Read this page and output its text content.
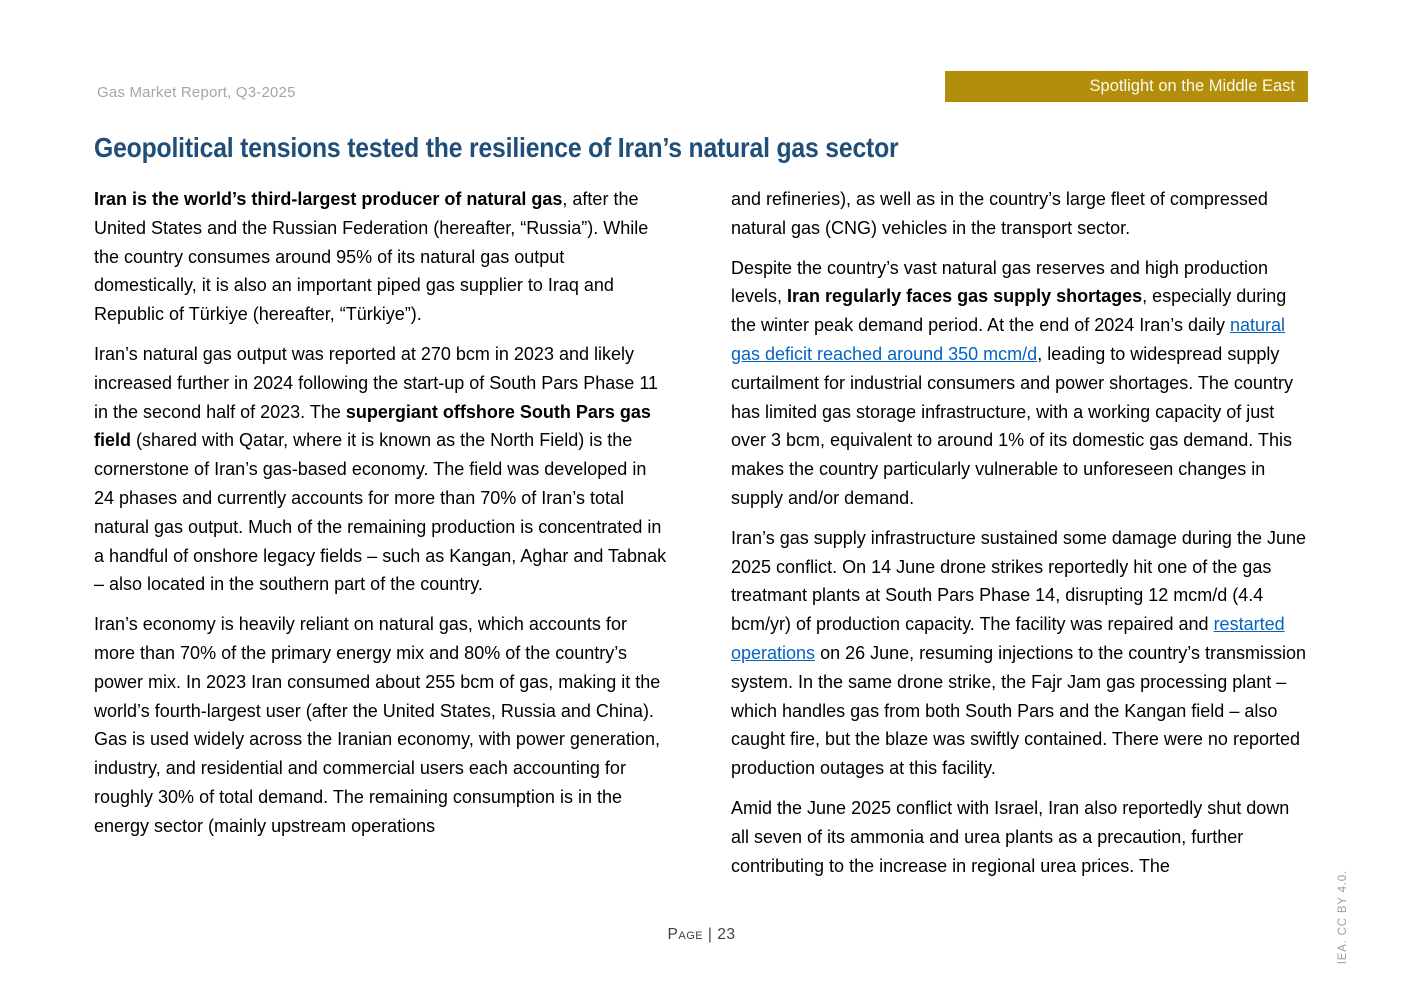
Gas Market Report, Q3-2025	Spotlight on the Middle East
Geopolitical tensions tested the resilience of Iran’s natural gas sector

Iran is the world’s third-largest producer of natural gas, after the United States and the Russian Federation (hereafter, “Russia”). While the country consumes around 95% of its natural gas output domestically, it is also an important piped gas supplier to Iraq and Republic of Türkiye (hereafter, “Türkiye”).

Iran’s natural gas output was reported at 270 bcm in 2023 and likely increased further in 2024 following the start-up of South Pars Phase 11 in the second half of 2023. The supergiant offshore South Pars gas field (shared with Qatar, where it is known as the North Field) is the cornerstone of Iran’s gas-based economy. The field was developed in 24 phases and currently accounts for more than 70% of Iran’s total natural gas output. Much of the remaining production is concentrated in a handful of onshore legacy fields – such as Kangan, Aghar and Tabnak – also located in the southern part of the country.

Iran’s economy is heavily reliant on natural gas, which accounts for more than 70% of the primary energy mix and 80% of the country’s power mix. In 2023 Iran consumed about 255 bcm of gas, making it the world’s fourth-largest user (after the United States, Russia and China). Gas is used widely across the Iranian economy, with power generation, industry, and residential and commercial users each accounting for roughly 30% of total demand. The remaining consumption is in the energy sector (mainly upstream operations

and refineries), as well as in the country’s large fleet of compressed natural gas (CNG) vehicles in the transport sector.

Despite the country’s vast natural gas reserves and high production levels, Iran regularly faces gas supply shortages, especially during the winter peak demand period. At the end of 2024 Iran’s daily natural gas deficit reached around 350 mcm/d, leading to widespread supply curtailment for industrial consumers and power shortages. The country has limited gas storage infrastructure, with a working capacity of just over 3 bcm, equivalent to around 1% of its domestic gas demand. This makes the country particularly vulnerable to unforeseen changes in supply and/or demand.

Iran’s gas supply infrastructure sustained some damage during the June 2025 conflict. On 14 June drone strikes reportedly hit one of the gas treatmant plants at South Pars Phase 14, disrupting 12 mcm/d (4.4 bcm/yr) of production capacity. The facility was repaired and restarted operations on 26 June, resuming injections to the country’s transmission system. In the same drone strike, the Fajr Jam gas processing plant – which handles gas from both South Pars and the Kangan field – also caught fire, but the blaze was swiftly contained. There were no reported production outages at this facility.

Amid the June 2025 conflict with Israel, Iran also reportedly shut down all seven of its ammonia and urea plants as a precaution, further contributing to the increase in regional urea prices. The

Page | 23	IEA. CC BY 4.0.
